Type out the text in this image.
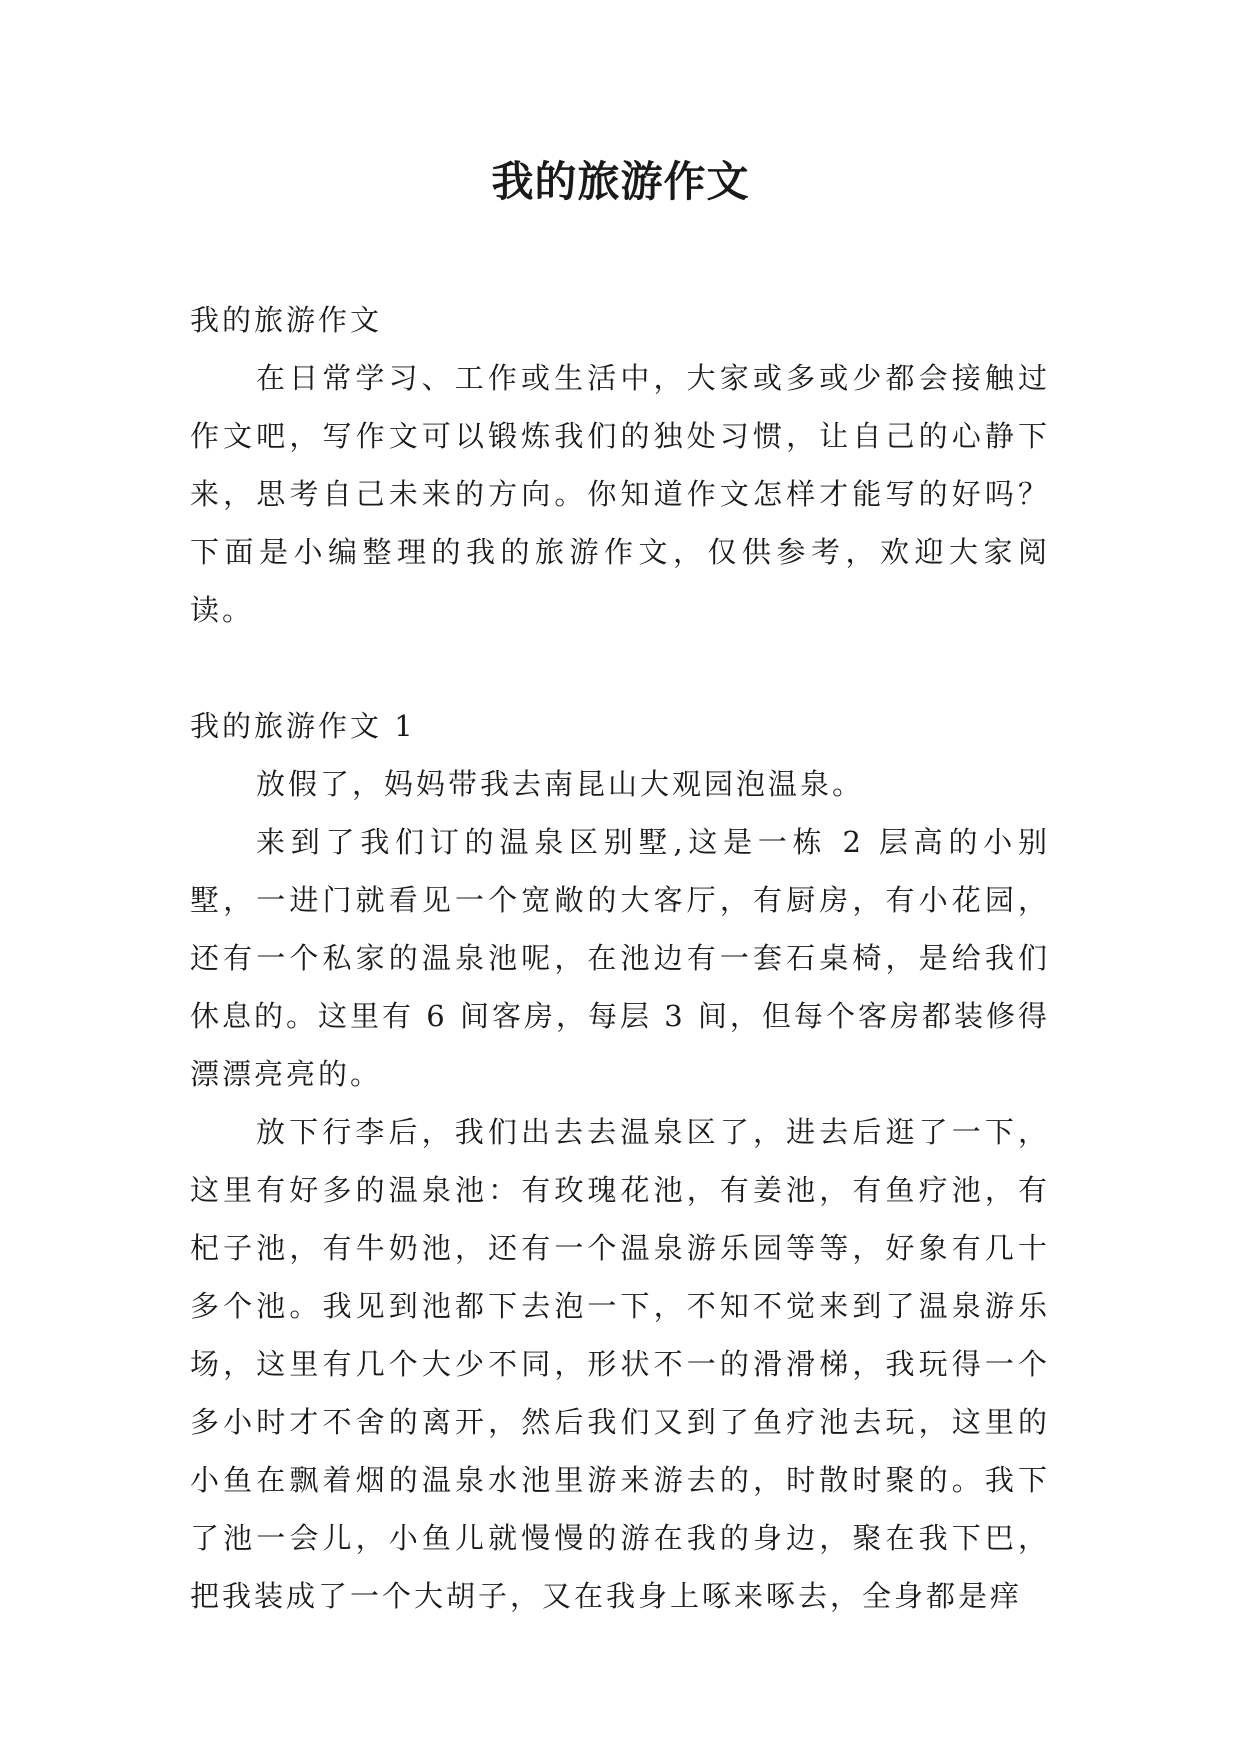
我的旅游作文

我的旅游作文

在日常学习、工作或生活中，大家或多或少都会接触过作文吧，写作文可以锻炼我们的独处习惯，让自己的心静下来，思考自己未来的方向。你知道作文怎样才能写的好吗？下面是小编整理的我的旅游作文，仅供参考，欢迎大家阅读。

我的旅游作文 1

放假了，妈妈带我去南昆山大观园泡温泉。

来到了我们订的温泉区别墅,这是一栋 2 层高的小别墅，一进门就看见一个宽敞的大客厅，有厨房，有小花园，还有一个私家的温泉池呢，在池边有一套石桌椅，是给我们休息的。这里有 6 间客房，每层 3 间，但每个客房都装修得漂漂亮亮的。

放下行李后，我们出去去温泉区了，进去后逛了一下，这里有好多的温泉池：有玫瑰花池，有姜池，有鱼疗池，有杞子池，有牛奶池，还有一个温泉游乐园等等，好象有几十多个池。我见到池都下去泡一下，不知不觉来到了温泉游乐场，这里有几个大少不同，形状不一的滑滑梯，我玩得一个多小时才不舍的离开，然后我们又到了鱼疗池去玩，这里的小鱼在飘着烟的温泉水池里游来游去的，时散时聚的。我下了池一会儿，小鱼儿就慢慢的游在我的身边，聚在我下巴，把我装成了一个大胡子，又在我身上啄来啄去，全身都是痒
